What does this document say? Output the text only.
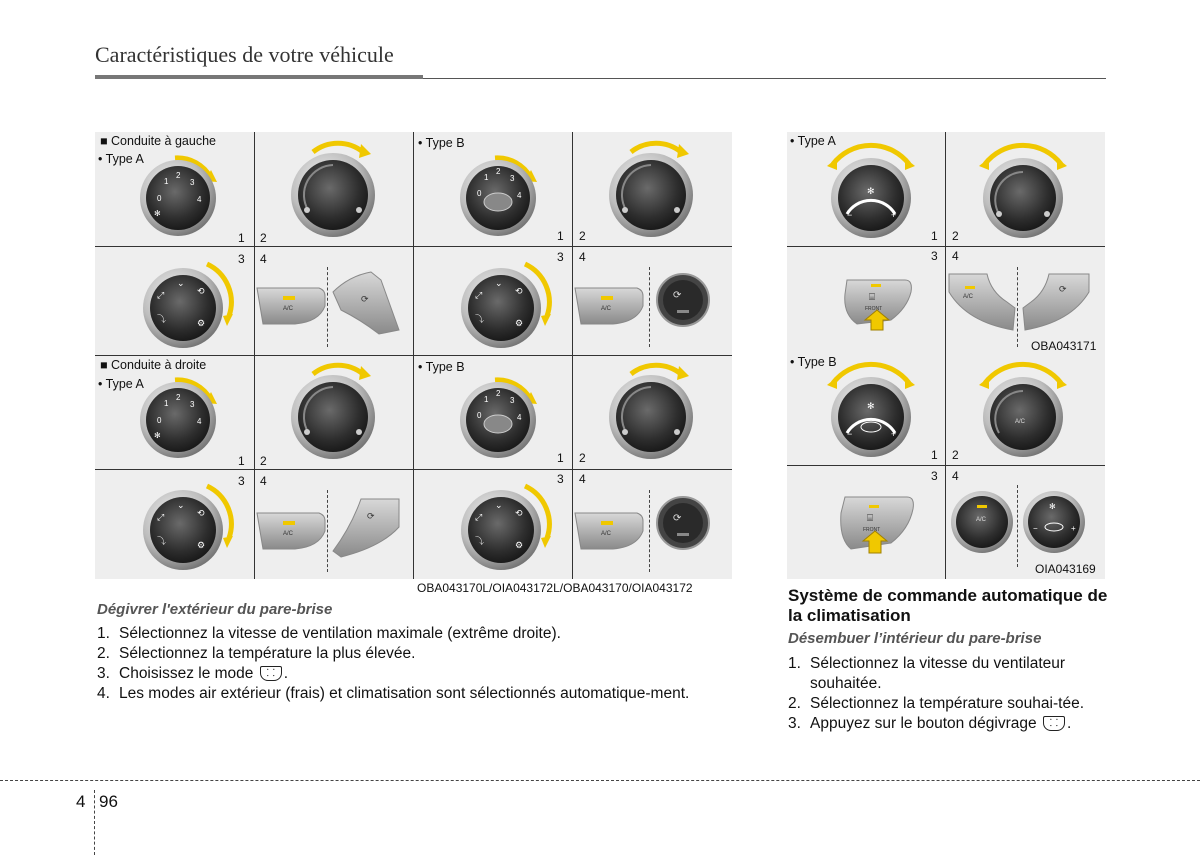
Caractéristiques de votre véhicule
■ Conduite à gauche
• Type A
• Type B
■ Conduite à droite
• Type A
• Type B
1 2
3 4
1 2
3 4
1 2
3 4
1 2
3 4
0
1
2
3
4
✻
⤢
⌄
⟲
⤵	⚙
A/C
⟳
0
1
2
3
4
⤢
⌄
⟲
⤵	⚙
A/C
⟳
0
1
2
3
4
✻
⤢
⌄
⟲
⤵	⚙
A/C
⟳
0
1
2
3
4
⤢
⌄
⟲
⤵	⚙
A/C
⟳
OBA043170L/OIA043172L/OBA043170/OIA043172
• Type A
1 2
3 4
OBA043171
✻
−	+
⌸
FRONT
A/C
⟳
• Type B
1 2
3 4
OIA043169
✻
−	+
A/C
⌸
FRONT
A/C
✻
−	+
Dégivrer l'extérieur du pare-brise
1. Sélectionnez la vitesse de ventilation maximale (extrême droite).
2. Sélectionnez la température la plus élevée.
3. Choisissez le mode ⸬ .
4. Les modes air extérieur (frais) et climatisation sont sélectionnés automatique-ment.
Système de commande automatique de la climatisation
Désembuer l’intérieur du pare-brise
1. Sélectionnez la vitesse du ventilateur souhaitée.
2. Sélectionnez la température souhai-tée.
3. Appuyez sur le bouton dégivrage ⸬ .
4 96
